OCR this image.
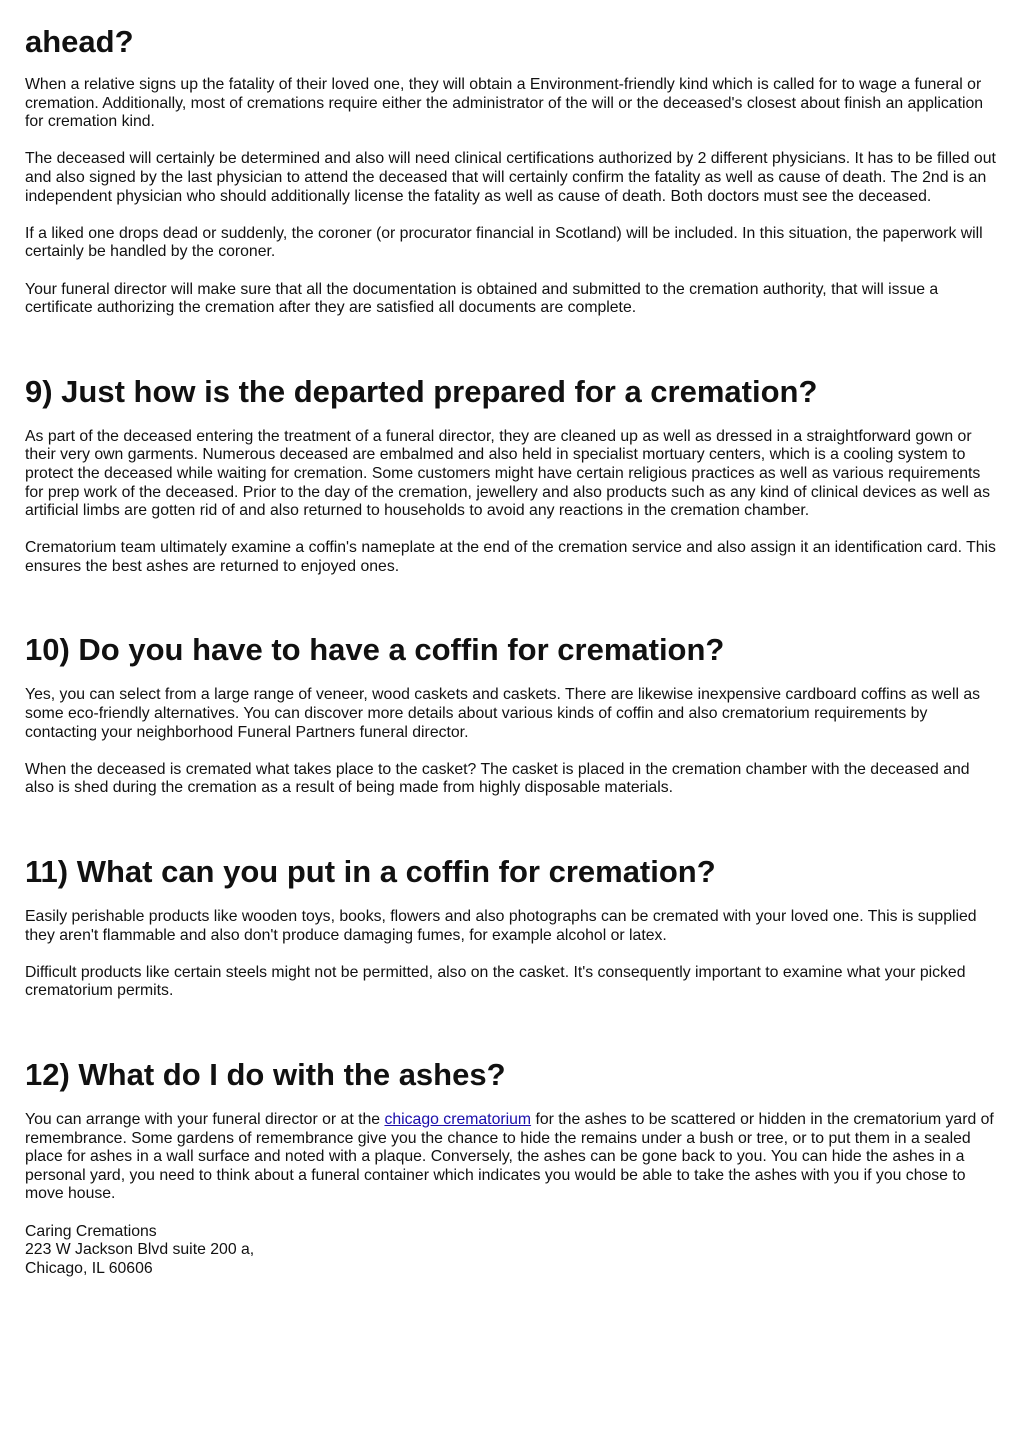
ahead?

When a relative signs up the fatality of their loved one, they will obtain a Environment-friendly kind which is called for to wage a funeral or cremation. Additionally, most of cremations require either the administrator of the will or the deceased's closest about finish an application for cremation kind.

The deceased will certainly be determined and also will need clinical certifications authorized by 2 different physicians. It has to be filled out and also signed by the last physician to attend the deceased that will certainly confirm the fatality as well as cause of death. The 2nd is an independent physician who should additionally license the fatality as well as cause of death. Both doctors must see the deceased.

If a liked one drops dead or suddenly, the coroner (or procurator financial in Scotland) will be included. In this situation, the paperwork will certainly be handled by the coroner.

Your funeral director will make sure that all the documentation is obtained and submitted to the cremation authority, that will issue a certificate authorizing the cremation after they are satisfied all documents are complete.

9) Just how is the departed prepared for a cremation?

As part of the deceased entering the treatment of a funeral director, they are cleaned up as well as dressed in a straightforward gown or their very own garments. Numerous deceased are embalmed and also held in specialist mortuary centers, which is a cooling system to protect the deceased while waiting for cremation. Some customers might have certain religious practices as well as various requirements for prep work of the deceased. Prior to the day of the cremation, jewellery and also products such as any kind of clinical devices as well as artificial limbs are gotten rid of and also returned to households to avoid any reactions in the cremation chamber.

Crematorium team ultimately examine a coffin's nameplate at the end of the cremation service and also assign it an identification card. This ensures the best ashes are returned to enjoyed ones.

10) Do you have to have a coffin for cremation?

Yes, you can select from a large range of veneer, wood caskets and caskets. There are likewise inexpensive cardboard coffins as well as some eco-friendly alternatives. You can discover more details about various kinds of coffin and also crematorium requirements by contacting your neighborhood Funeral Partners funeral director.

When the deceased is cremated what takes place to the casket? The casket is placed in the cremation chamber with the deceased and also is shed during the cremation as a result of being made from highly disposable materials.

11) What can you put in a coffin for cremation?

Easily perishable products like wooden toys, books, flowers and also photographs can be cremated with your loved one. This is supplied they aren't flammable and also don't produce damaging fumes, for example alcohol or latex.

Difficult products like certain steels might not be permitted, also on the casket. It's consequently important to examine what your picked crematorium permits.

12) What do I do with the ashes?

You can arrange with your funeral director or at the chicago crematorium for the ashes to be scattered or hidden in the crematorium yard of remembrance. Some gardens of remembrance give you the chance to hide the remains under a bush or tree, or to put them in a sealed place for ashes in a wall surface and noted with a plaque. Conversely, the ashes can be gone back to you. You can hide the ashes in a personal yard, you need to think about a funeral container which indicates you would be able to take the ashes with you if you chose to move house.

Caring Cremations
223 W Jackson Blvd suite 200 a,
Chicago, IL 60606
